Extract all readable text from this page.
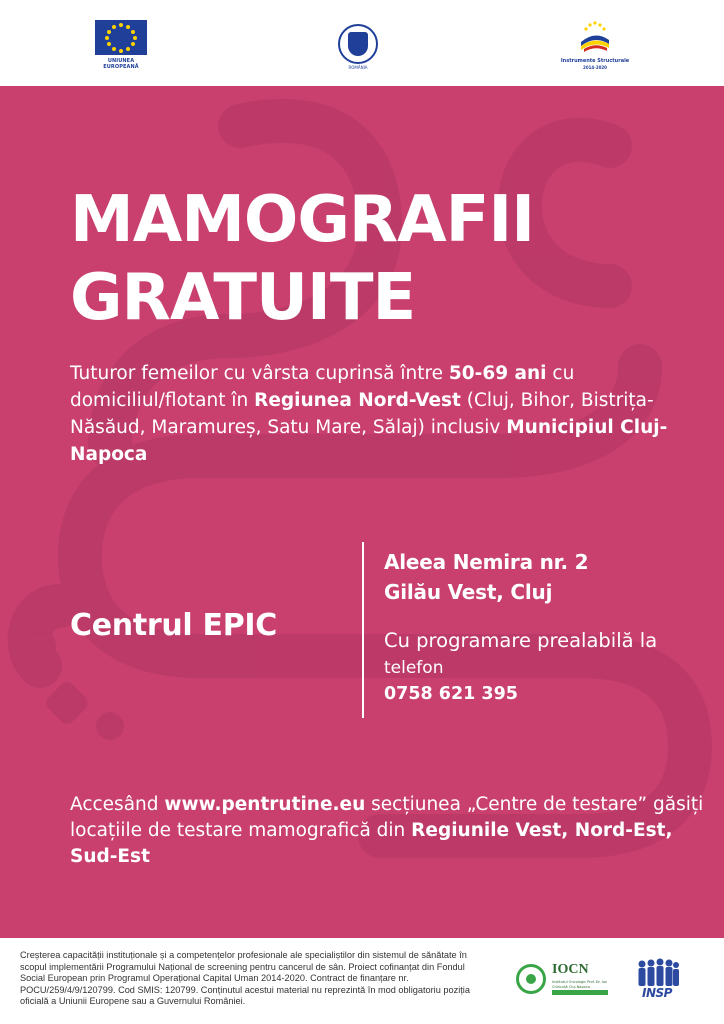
UNIUNEA EUROPEANĂ	ROMÂNIA
Instrumente Structurale
2014-2020
MAMOGRAFII
GRATUITE

Tuturor femeilor cu vârsta cuprinsă între 50-69 ani cu domiciliul/flotant în Regiunea Nord-Vest (Cluj, Bihor, Bistrița-Năsăud, Maramureș, Satu Mare, Sălaj) inclusiv Municipiul Cluj-Napoca

Centrul EPIC
Aleea Nemira nr. 2
Gilău Vest, Cluj

Cu programare prealabilă la telefon

0758 621 395

Accesând www.pentrutine.eu secțiunea „Centre de testare” găsiți locațiile de testare mamografică din Regiunile Vest, Nord-Est, Sud-Est

Creșterea capacității instituționale și a competențelor profesionale ale specialiștilor din sistemul de sănătate în scopul implementării Programului Național de screening pentru cancerul de sân. Proiect cofinanțat din Fondul Social European prin Programul Operațional Capital Uman 2014-2020. Contract de finanțare nr. POCU/259/4/9/120799. Cod SMIS: 120799. Conținutul acestui material nu reprezintă în mod obligatoriu poziția oficială a Uniunii Europene sau a Guvernului României.

IOCN
Institutul Oncologic Prof. Dr. Ion Chiricuță Cluj-Napoca	INSP
